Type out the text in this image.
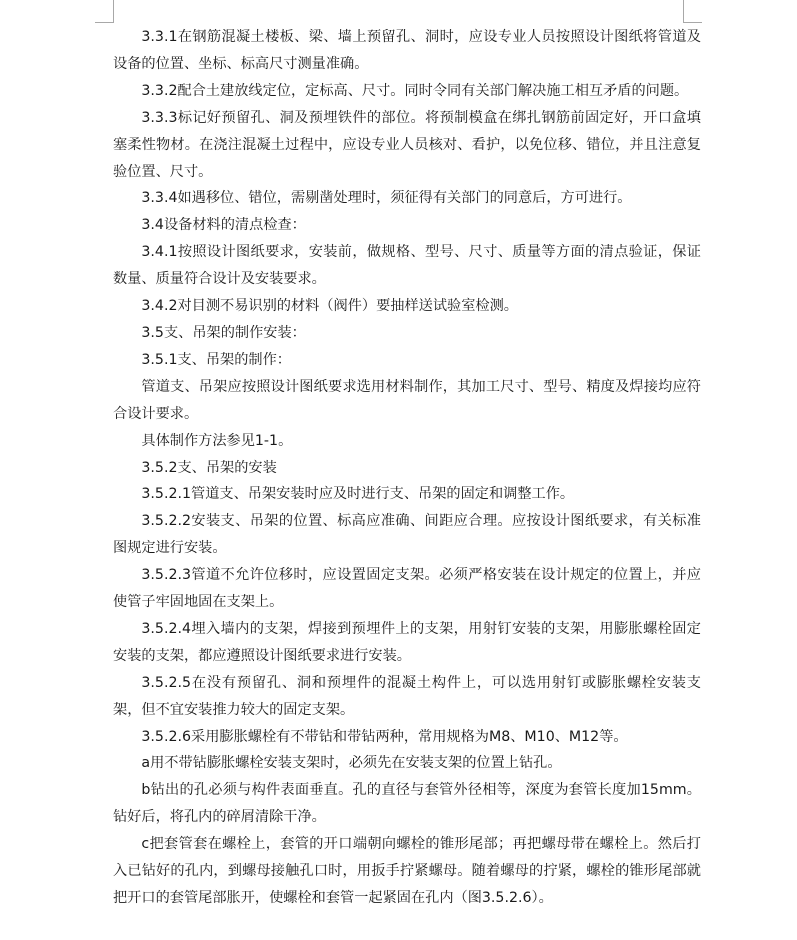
3.3.1在钢筋混凝土楼板、梁、墙上预留孔、洞时，应设专业人员按照设计图纸将管道及设备的位置、坐标、标高尺寸测量准确。

3.3.2配合土建放线定位，定标高、尺寸。同时令同有关部门解决施工相互矛盾的问题。

3.3.3标记好预留孔、洞及预埋铁件的部位。将预制模盒在绑扎钢筋前固定好，开口盒填塞柔性物材。在浇注混凝土过程中，应设专业人员核对、看护，以免位移、错位，并且注意复验位置、尺寸。

3.3.4如遇移位、错位，需剔凿处理时，须征得有关部门的同意后，方可进行。

3.4设备材料的清点检查：

3.4.1按照设计图纸要求，安装前，做规格、型号、尺寸、质量等方面的清点验证，保证数量、质量符合设计及安装要求。

3.4.2对目测不易识别的材料（阀件）要抽样送试验室检测。

3.5支、吊架的制作安装：

3.5.1支、吊架的制作：

管道支、吊架应按照设计图纸要求选用材料制作，其加工尺寸、型号、精度及焊接均应符合设计要求。

具体制作方法参见1-1。

3.5.2支、吊架的安装

3.5.2.1管道支、吊架安装时应及时进行支、吊架的固定和调整工作。

3.5.2.2安装支、吊架的位置、标高应准确、间距应合理。应按设计图纸要求，有关标准图规定进行安装。

3.5.2.3管道不允许位移时，应设置固定支架。必须严格安装在设计规定的位置上，并应使管子牢固地固在支架上。

3.5.2.4埋入墙内的支架，焊接到预埋件上的支架，用射钉安装的支架，用膨胀螺栓固定安装的支架，都应遵照设计图纸要求进行安装。

3.5.2.5在没有预留孔、洞和预埋件的混凝土构件上，可以选用射钉或膨胀螺栓安装支架，但不宜安装推力较大的固定支架。

3.5.2.6采用膨胀螺栓有不带钻和带钻两种，常用规格为M8、M10、M12等。

a用不带钻膨胀螺栓安装支架时，必须先在安装支架的位置上钻孔。

b钻出的孔必须与构件表面垂直。孔的直径与套管外径相等，深度为套管长度加15mm。钻好后，将孔内的碎屑清除干净。

c把套管套在螺栓上，套管的开口端朝向螺栓的锥形尾部；再把螺母带在螺栓上。然后打入已钻好的孔内，到螺母接触孔口时，用扳手拧紧螺母。随着螺母的拧紧，螺栓的锥形尾部就把开口的套管尾部胀开，使螺栓和套管一起紧固在孔内（图3.5.2.6）。
